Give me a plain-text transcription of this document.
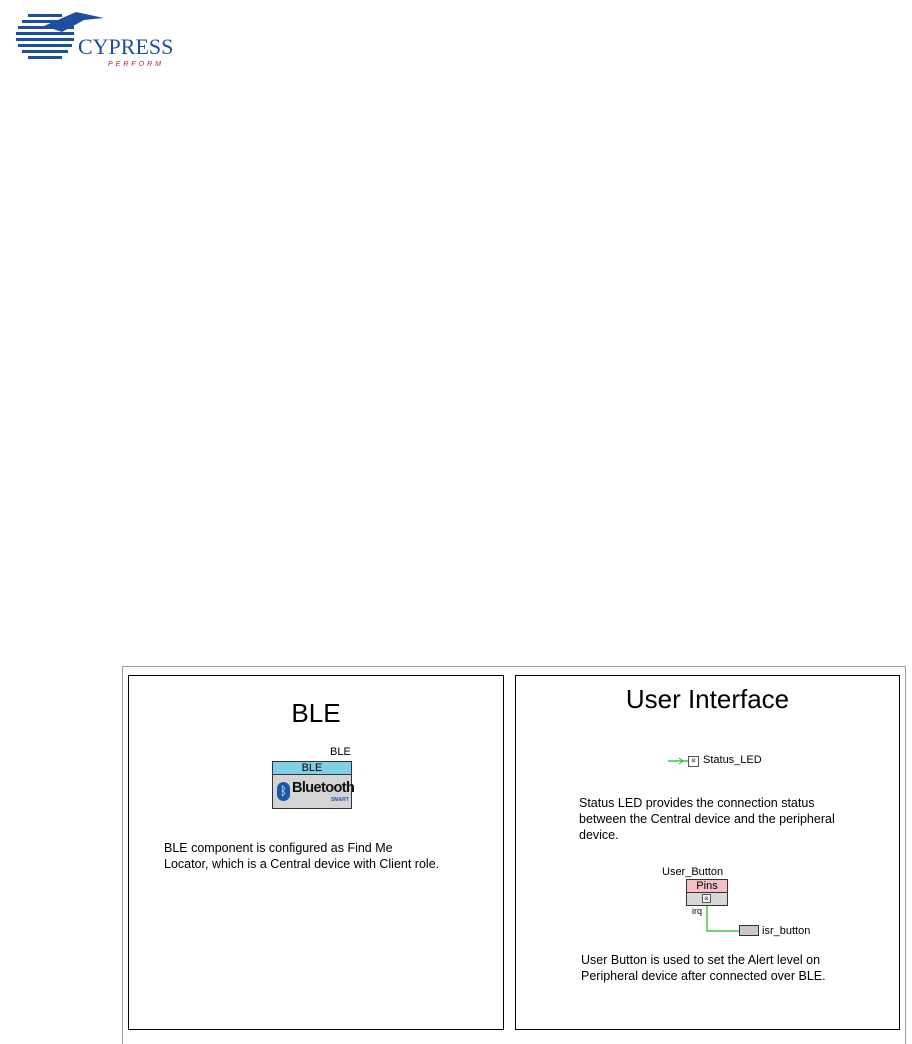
CYPRESS
PERFORM
BLE
BLE
BLE
ᛒ Bluetooth
SMART
BLE component is configured as Find Me
Locator, which is a Central device with Client role.
User Interface
⊠ Status_LED
Status LED provides the connection status
between the Central device and the peripheral
device.
User_Button
Pins
⊠
irq
isr_button
User Button is used to set the Alert level on
Peripheral device after connected over BLE.
